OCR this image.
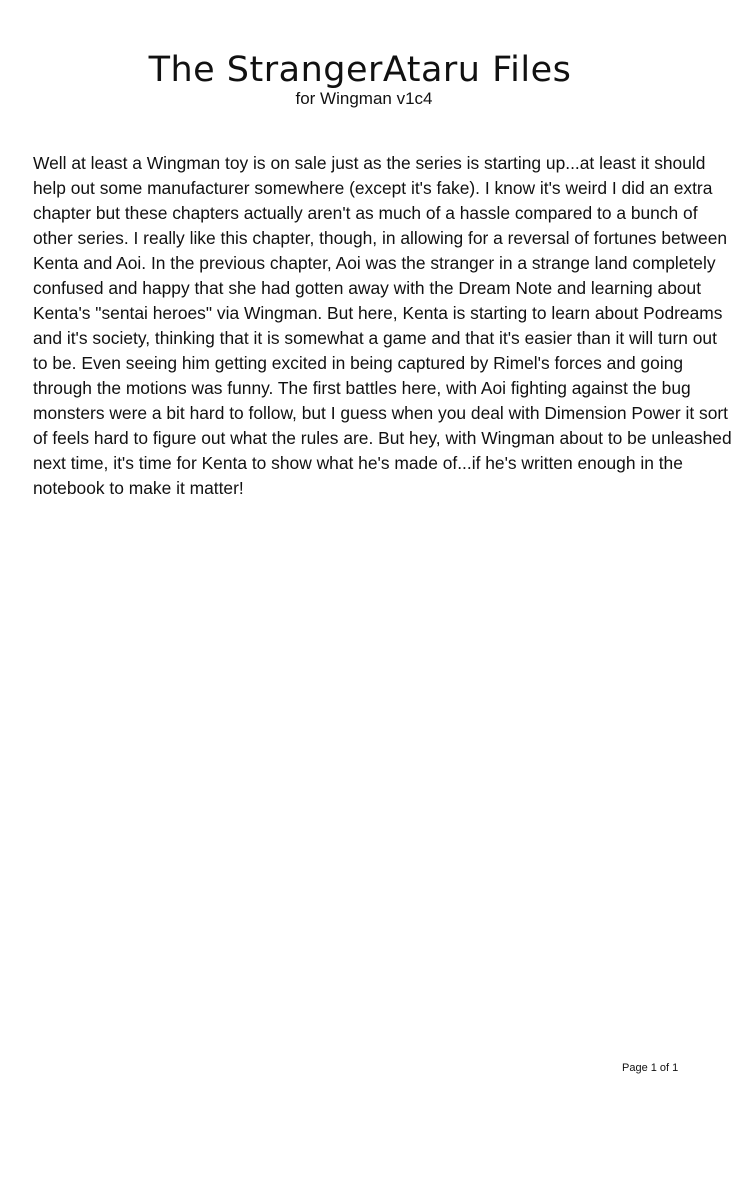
The StrangerAtaru Files
for Wingman v1c4

Well at least a Wingman toy is on sale just as the series is starting up...at least it should help out some manufacturer somewhere (except it's fake). I know it's weird I did an extra chapter but these chapters actually aren't as much of a hassle compared to a bunch of other series. I really like this chapter, though, in allowing for a reversal of fortunes between Kenta and Aoi. In the previous chapter, Aoi was the stranger in a strange land completely confused and happy that she had gotten away with the Dream Note and learning about Kenta's "sentai heroes" via Wingman. But here, Kenta is starting to learn about Podreams and it's society, thinking that it is somewhat a game and that it's easier than it will turn out to be. Even seeing him getting excited in being captured by Rimel's forces and going through the motions was funny. The first battles here, with Aoi fighting against the bug monsters were a bit hard to follow, but I guess when you deal with Dimension Power it sort of feels hard to figure out what the rules are. But hey, with Wingman about to be unleashed next time, it's time for Kenta to show what he's made of...if he's written enough in the notebook to make it matter!

Page 1 of 1
